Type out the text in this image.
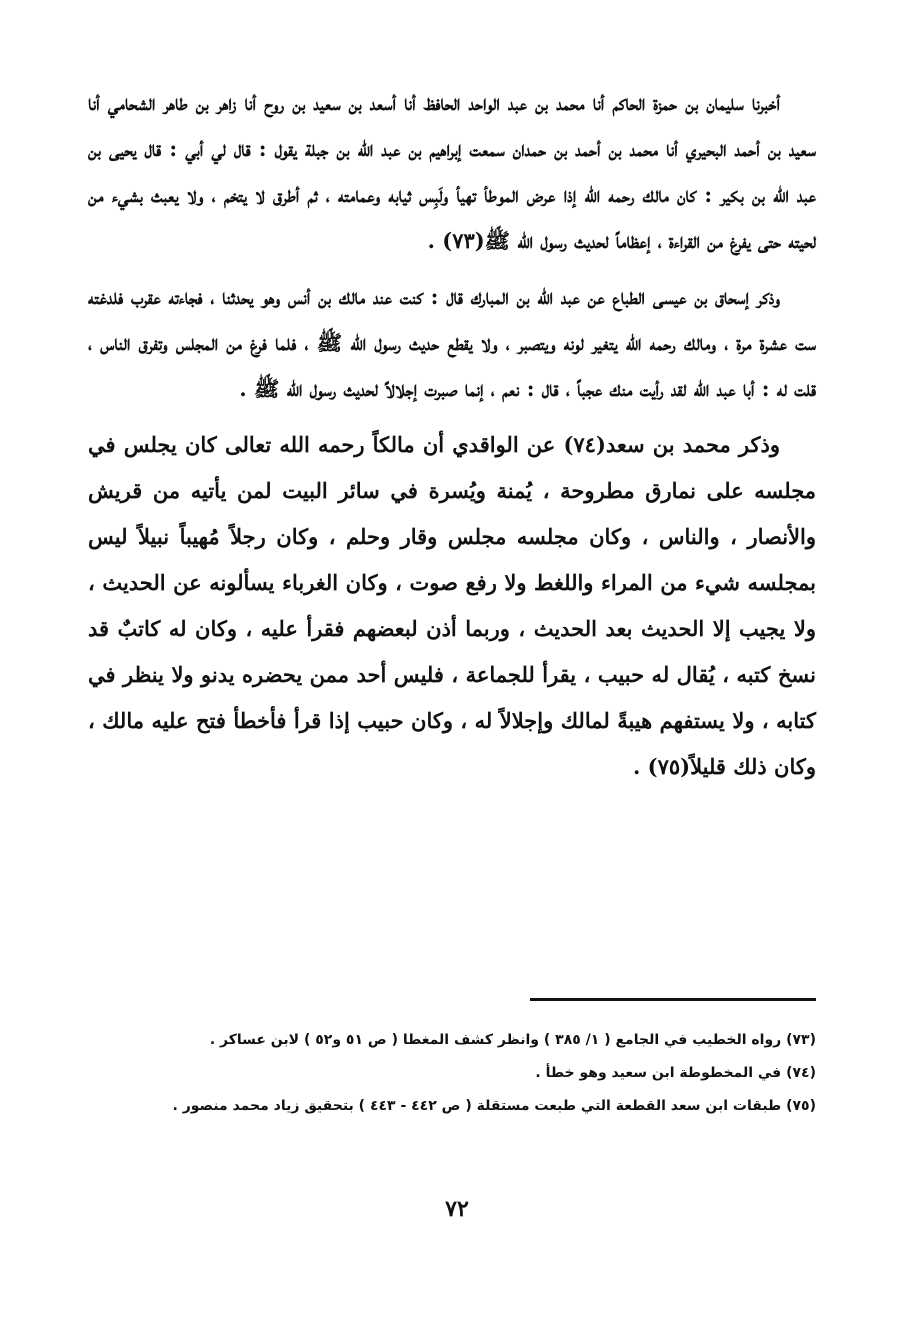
أخبرنا سليمان بن حمزة الحاكم أنا محمد بن عبد الواحد الحافظ أنا أسعد بن سعيد بن روح أنا زاهر بن طاهر الشحامي أنا سعيد بن أحمد البحيري أنا محمد بن أحمد بن حمدان سمعت إبراهيم بن عبد الله بن جبلة يقول : قال لي أبي : قال يحيى بن عبد الله بن بكير : كان مالك رحمه الله إذا عرض الموطأ تهيأ ولَبِس ثيابه وعمامته ، ثم أطرق لا يتخم ، ولا يعبث بشيء من لحيته حتى يفرغ من القراءة ، إعظاماً لحديث رسول الله ﷺ(٧٣) .

وذكر إسحاق بن عيسى الطباع عن عبد الله بن المبارك قال : كنت عند مالك بن أنس وهو يحدثنا ، فجاءته عقرب فلدغته ست عشرة مرة ، ومالك رحمه الله يتغير لونه ويتصبر ، ولا يقطع حديث رسول الله ﷺ ، فلما فرغ من المجلس وتفرق الناس ، قلت له : أبا عبد الله لقد رأيت منك عجباً ، قال : نعم ، إنما صبرت إجلالاً لحديث رسول الله ﷺ .

وذكر محمد بن سعد(٧٤) عن الواقدي أن مالكاً رحمه الله تعالى كان يجلس في مجلسه على نمارق مطروحة ، يُمنة ويُسرة في سائر البيت لمن يأتيه من قريش والأنصار ، والناس ، وكان مجلسه مجلس وقار وحلم ، وكان رجلاً مُهيباً نبيلاً ليس بمجلسه شيء من المراء واللغط ولا رفع صوت ، وكان الغرباء يسألونه عن الحديث ، ولا يجيب إلا الحديث بعد الحديث ، وربما أذن لبعضهم فقرأ عليه ، وكان له كاتبٌ قد نسخ كتبه ، يُقال له حبيب ، يقرأ للجماعة ، فليس أحد ممن يحضره يدنو ولا ينظر في كتابه ، ولا يستفهم هيبةً لمالك وإجلالاً له ، وكان حبيب إذا قرأ فأخطأ فتح عليه مالك ، وكان ذلك قليلاً(٧٥) .

(٧٣) رواه الخطيب في الجامع ( ١/ ٣٨٥ ) وانظر كشف المغطا ( ص ٥١ و٥٢ ) لابن عساكر .

(٧٤) في المخطوطة ابن سعيد وهو خطأ .

(٧٥) طبقات ابن سعد القطعة التي طبعت مستقلة ( ص ٤٤٢ - ٤٤٣ ) بتحقيق زياد محمد منصور .

٧٢
